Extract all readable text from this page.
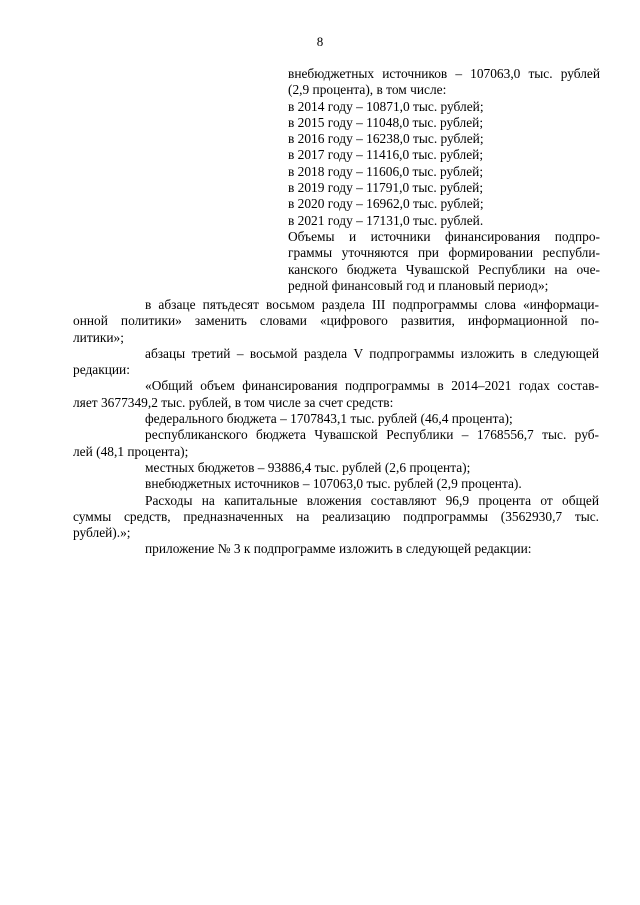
8
внебюджетных источников – 107063,0 тыс. рублей
(2,9 процента), в том числе:
в 2014 году – 10871,0 тыс. рублей;
в 2015 году – 11048,0 тыс. рублей;
в 2016 году – 16238,0 тыс. рублей;
в 2017 году – 11416,0 тыс. рублей;
в 2018 году – 11606,0 тыс. рублей;
в 2019 году – 11791,0 тыс. рублей;
в 2020 году – 16962,0 тыс. рублей;
в 2021 году – 17131,0 тыс. рублей.
Объемы и источники финансирования подпро-
граммы уточняются при формировании республи-
канского бюджета Чувашской Республики на оче-
редной финансовый год и плановый период»;
в абзаце пятьдесят восьмом раздела III подпрограммы слова «информаци-
онной политики» заменить словами «цифрового развития, информационной по-
литики»;
абзацы третий – восьмой раздела V подпрограммы изложить в следующей
редакции:
«Общий объем финансирования подпрограммы в 2014–2021 годах состав-
ляет 3677349,2 тыс. рублей, в том числе за счет средств:
федерального бюджета – 1707843,1 тыс. рублей (46,4 процента);
республиканского бюджета Чувашской Республики – 1768556,7 тыс. руб-
лей (48,1 процента);
местных бюджетов – 93886,4 тыс. рублей (2,6 процента);
внебюджетных источников – 107063,0 тыс. рублей (2,9 процента).
Расходы на капитальные вложения составляют 96,9 процента от общей
суммы средств, предназначенных на реализацию подпрограммы (3562930,7 тыс.
рублей).»;
приложение № 3 к подпрограмме изложить в следующей редакции:
